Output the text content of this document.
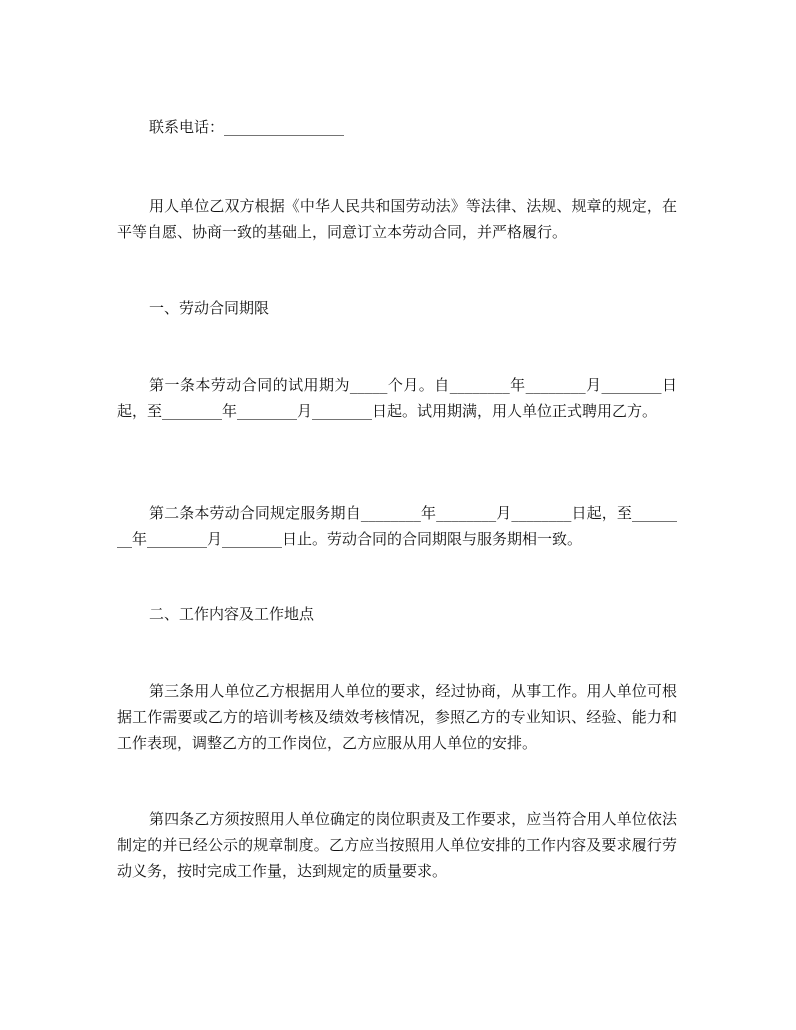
联系电话：________________

用人单位乙双方根据《中华人民共和国劳动法》等法律、法规、规章的规定，在平等自愿、协商一致的基础上，同意订立本劳动合同，并严格履行。

一、劳动合同期限

第一条本劳动合同的试用期为_____个月。自________年________月________日起，至________年________月________日起。试用期满，用人单位正式聘用乙方。

第二条本劳动合同规定服务期自________年________月________日起，至________年________月________日止。劳动合同的合同期限与服务期相一致。

二、工作内容及工作地点

第三条用人单位乙方根据用人单位的要求，经过协商，从事工作。用人单位可根据工作需要或乙方的培训考核及绩效考核情况，参照乙方的专业知识、经验、能力和工作表现，调整乙方的工作岗位，乙方应服从用人单位的安排。

第四条乙方须按照用人单位确定的岗位职责及工作要求，应当符合用人单位依法制定的并已经公示的规章制度。乙方应当按照用人单位安排的工作内容及要求履行劳动义务，按时完成工作量，达到规定的质量要求。
